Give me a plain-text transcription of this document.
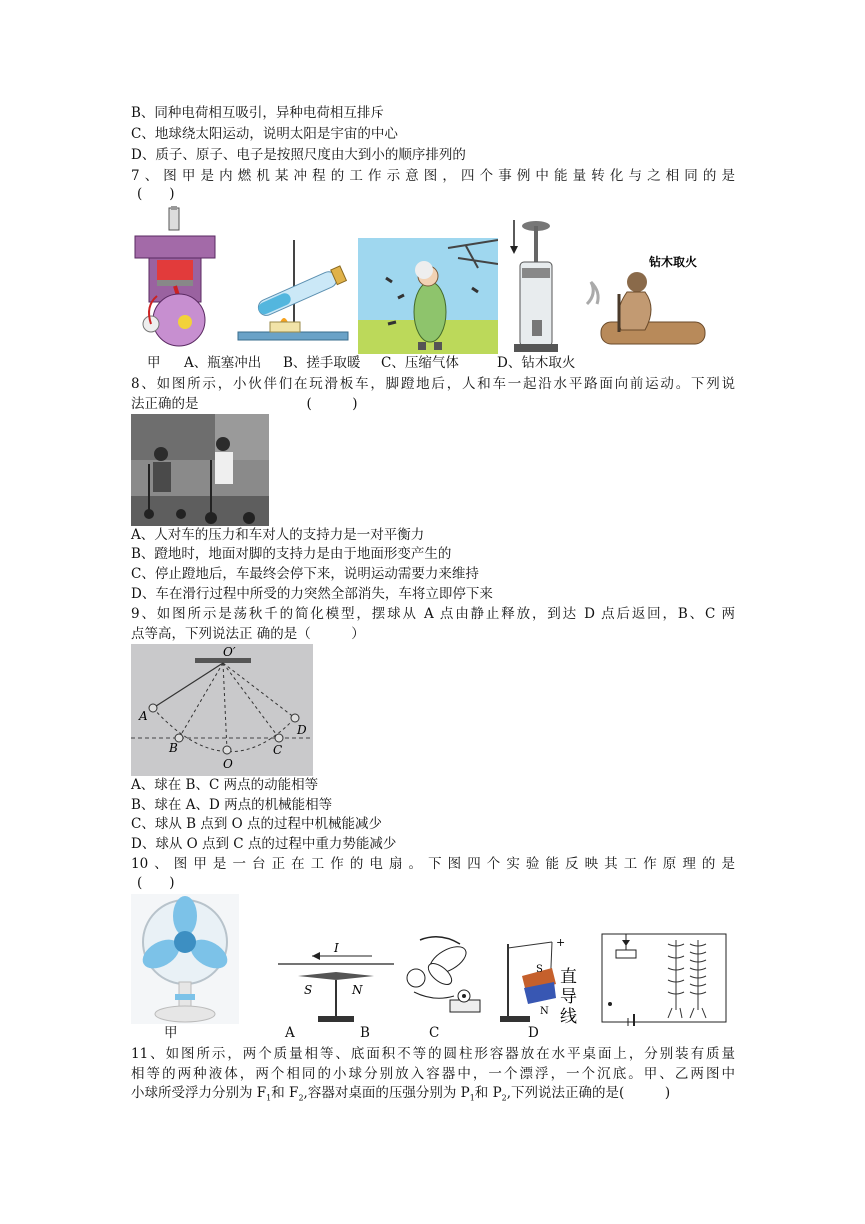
B、同种电荷相互吸引，异种电荷相互排斥
C、地球绕太阳运动，说明太阳是宇宙的中心
D、质子、原子、电子是按照尺度由大到小的顺序排列的
7、图甲是内燃机某冲程的工作示意图，四个事例中能量转化与之相同的是
(　　)
钻木取火
甲 A、瓶塞冲出 B、搓手取暖 C、压缩气体	D、钻木取火
8、如图所示，小伙伴们在玩滑板车，脚蹬地后，人和车一起沿水平路面向前运动。下列说
法正确的是　　　　　　　　(　　　)
A、人对车的压力和车对人的支持力是一对平衡力
B、蹬地时，地面对脚的支持力是由于地面形变产生的
C、停止蹬地后，车最终会停下来，说明运动需要力来维持
D、车在滑行过程中所受的力突然全部消失，车将立即停下来
9、如图所示是荡秋千的简化模型，摆球从 A 点由静止释放，到达 D 点后返回，B、C 两
点等高，下列说法正 确的是（　　　）
O′
A
B
O
C
D
A、球在 B、C 两点的动能相等
B、球在 A、D 两点的机械能相等
C、球从 B 点到 O 点的过程中机械能减少
D、球从 O 点到 C 点的过程中重力势能减少
10、图甲是一台正在工作的电扇。下图四个实验能反映其工作原理的是
(　　)
I
S	N
+
S
N
直
导
线
甲	A	B	C	D
11、如图所示，两个质量相等、底面积不等的圆柱形容器放在水平桌面上，分别装有质量
相等的两种液体，两个相同的小球分别放入容器中，一个漂浮，一个沉底。甲、乙两图中
小球所受浮力分别为 $F_1$和 $F_2$,容器对桌面的压强分别为 $P_1$和 $P_2$,下列说法正确的是(　　　)
